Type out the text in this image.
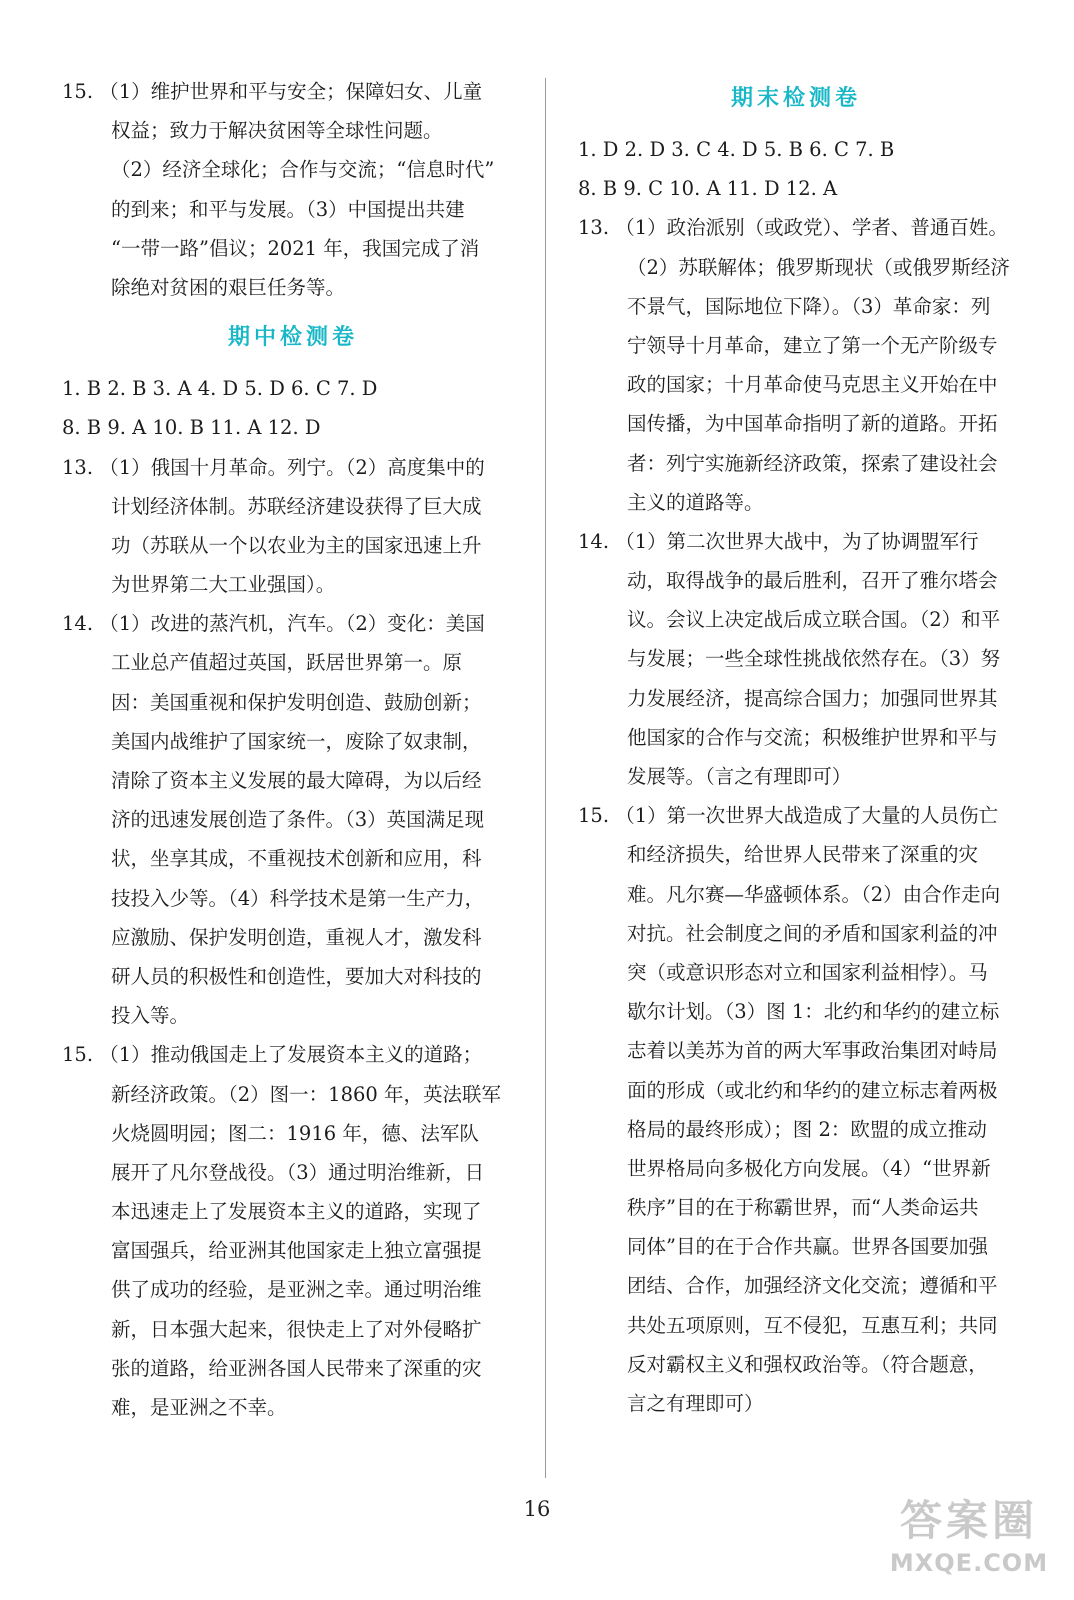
15. （1）维护世界和平与安全；保障妇女、儿童
权益；致力于解决贫困等全球性问题。
（2）经济全球化；合作与交流；“信息时代”
的到来；和平与发展。（3）中国提出共建
“一带一路”倡议；2021 年，我国完成了消
除绝对贫困的艰巨任务等。
期中检测卷
1. B 2. B 3. A 4. D 5. D 6. C 7. D
8. B 9. A 10. B 11. A 12. D
13. （1）俄国十月革命。列宁。（2）高度集中的
计划经济体制。苏联经济建设获得了巨大成
功（苏联从一个以农业为主的国家迅速上升
为世界第二大工业强国）。
14. （1）改进的蒸汽机，汽车。（2）变化：美国
工业总产值超过英国，跃居世界第一。原
因：美国重视和保护发明创造、鼓励创新；
美国内战维护了国家统一，废除了奴隶制，
清除了资本主义发展的最大障碍，为以后经
济的迅速发展创造了条件。（3）英国满足现
状，坐享其成，不重视技术创新和应用，科
技投入少等。（4）科学技术是第一生产力，
应激励、保护发明创造，重视人才，激发科
研人员的积极性和创造性，要加大对科技的
投入等。
15. （1）推动俄国走上了发展资本主义的道路；
新经济政策。（2）图一：1860 年，英法联军
火烧圆明园；图二：1916 年，德、法军队
展开了凡尔登战役。（3）通过明治维新，日
本迅速走上了发展资本主义的道路，实现了
富国强兵，给亚洲其他国家走上独立富强提
供了成功的经验，是亚洲之幸。通过明治维
新，日本强大起来，很快走上了对外侵略扩
张的道路，给亚洲各国人民带来了深重的灾
难，是亚洲之不幸。
期末检测卷
1. D 2. D 3. C 4. D 5. B 6. C 7. B
8. B 9. C 10. A 11. D 12. A
13. （1）政治派别（或政党）、学者、普通百姓。
（2）苏联解体；俄罗斯现状（或俄罗斯经济
不景气，国际地位下降）。（3）革命家：列
宁领导十月革命，建立了第一个无产阶级专
政的国家；十月革命使马克思主义开始在中
国传播，为中国革命指明了新的道路。开拓
者：列宁实施新经济政策，探索了建设社会
主义的道路等。
14. （1）第二次世界大战中，为了协调盟军行
动，取得战争的最后胜利，召开了雅尔塔会
议。会议上决定战后成立联合国。（2）和平
与发展；一些全球性挑战依然存在。（3）努
力发展经济，提高综合国力；加强同世界其
他国家的合作与交流；积极维护世界和平与
发展等。（言之有理即可）
15. （1）第一次世界大战造成了大量的人员伤亡
和经济损失，给世界人民带来了深重的灾
难。凡尔赛—华盛顿体系。（2）由合作走向
对抗。社会制度之间的矛盾和国家利益的冲
突（或意识形态对立和国家利益相悖）。马
歇尔计划。（3）图 1：北约和华约的建立标
志着以美苏为首的两大军事政治集团对峙局
面的形成（或北约和华约的建立标志着两极
格局的最终形成）；图 2：欧盟的成立推动
世界格局向多极化方向发展。（4）“世界新
秩序”目的在于称霸世界，而“人类命运共
同体”目的在于合作共赢。世界各国要加强
团结、合作，加强经济文化交流；遵循和平
共处五项原则，互不侵犯，互惠互利；共同
反对霸权主义和强权政治等。（符合题意，
言之有理即可）
16	答案圈
MXQE.COM
